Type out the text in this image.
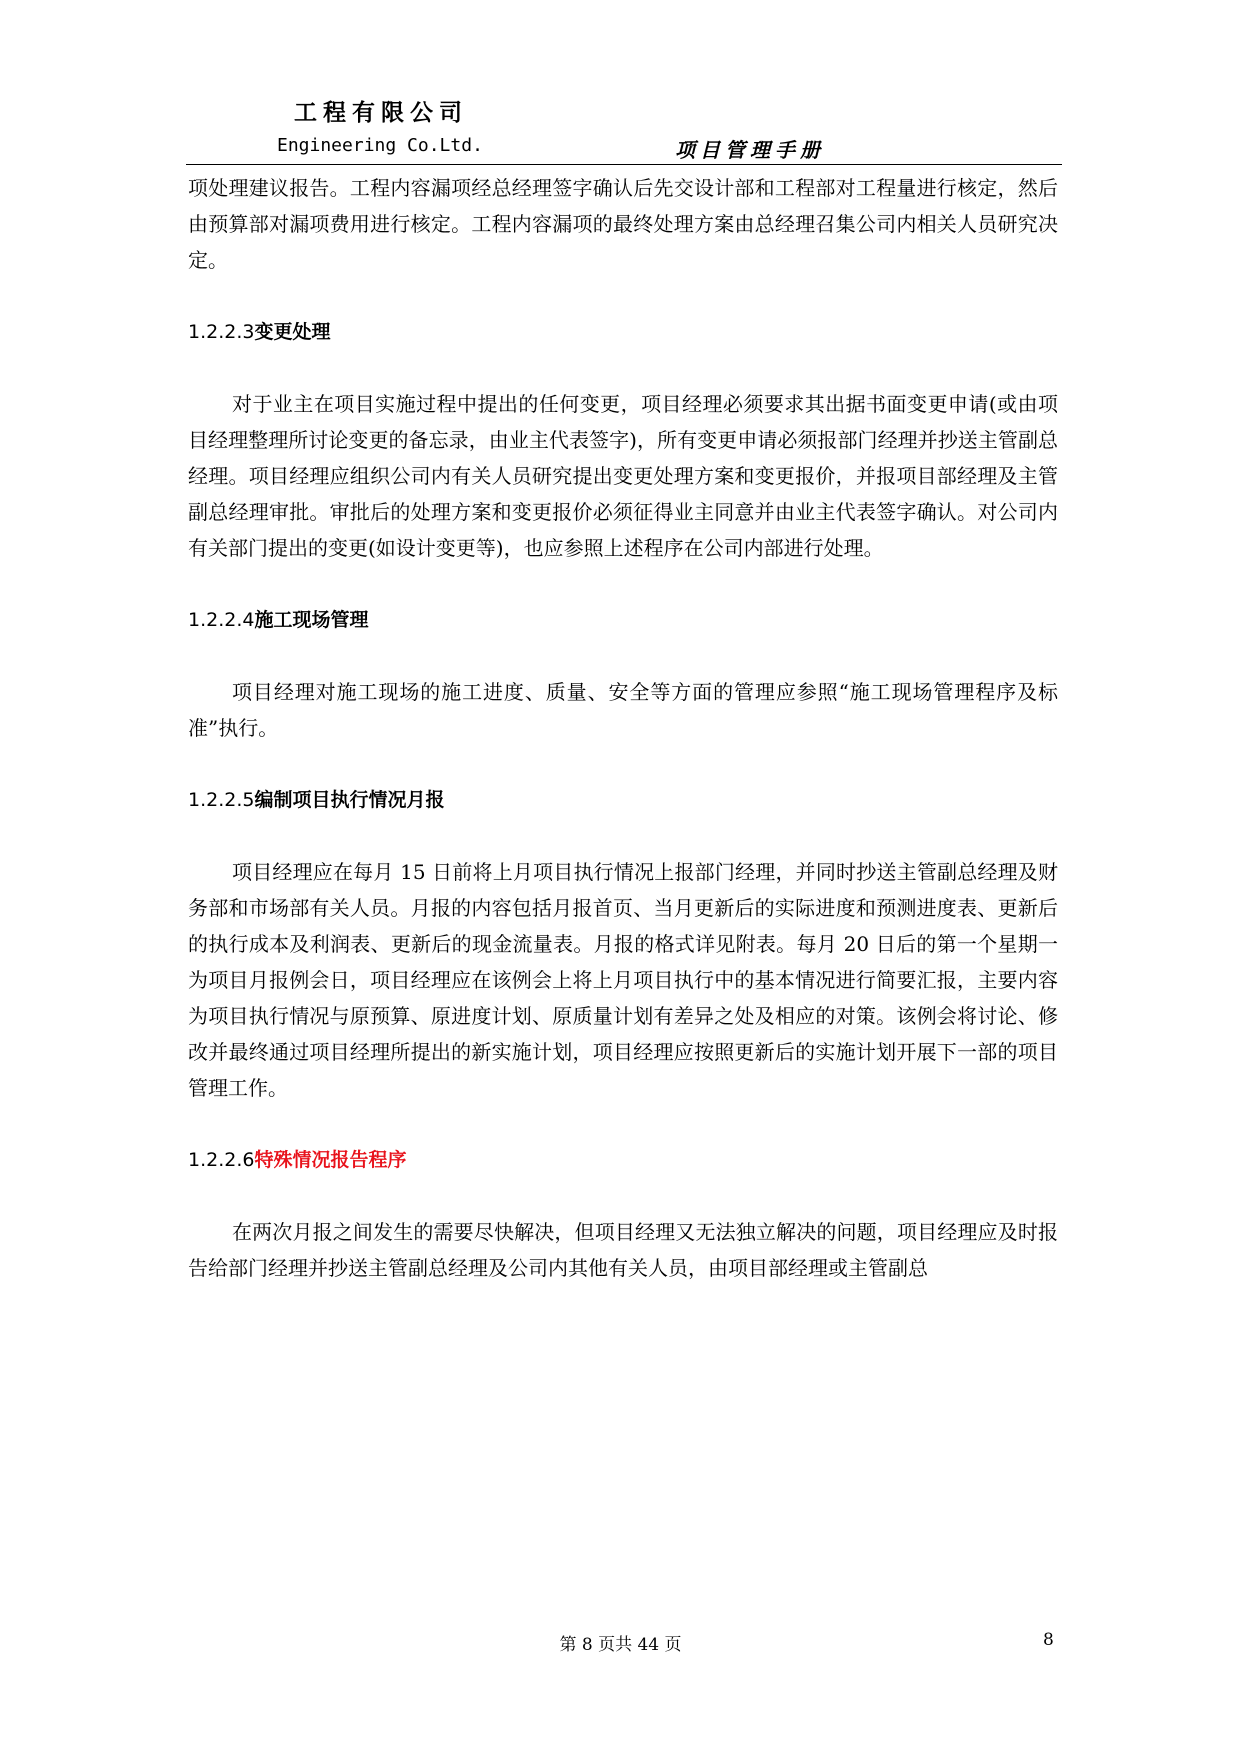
工程有限公司
Engineering Co.Ltd.	项目管理手册

项处理建议报告。工程内容漏项经总经理签字确认后先交设计部和工程部对工程量进行核定，然后由预算部对漏项费用进行核定。工程内容漏项的最终处理方案由总经理召集公司内相关人员研究决定。

1.2.2.3变更处理

对于业主在项目实施过程中提出的任何变更，项目经理必须要求其出据书面变更申请(或由项目经理整理所讨论变更的备忘录，由业主代表签字)，所有变更申请必须报部门经理并抄送主管副总经理。项目经理应组织公司内有关人员研究提出变更处理方案和变更报价，并报项目部经理及主管副总经理审批。审批后的处理方案和变更报价必须征得业主同意并由业主代表签字确认。对公司内有关部门提出的变更(如设计变更等)，也应参照上述程序在公司内部进行处理。

1.2.2.4施工现场管理

项目经理对施工现场的施工进度、质量、安全等方面的管理应参照“施工现场管理程序及标准”执行。

1.2.2.5编制项目执行情况月报

项目经理应在每月 15 日前将上月项目执行情况上报部门经理，并同时抄送主管副总经理及财务部和市场部有关人员。月报的内容包括月报首页、当月更新后的实际进度和预测进度表、更新后的执行成本及利润表、更新后的现金流量表。月报的格式详见附表。每月 20 日后的第一个星期一为项目月报例会日，项目经理应在该例会上将上月项目执行中的基本情况进行简要汇报，主要内容为项目执行情况与原预算、原进度计划、原质量计划有差异之处及相应的对策。该例会将讨论、修改并最终通过项目经理所提出的新实施计划，项目经理应按照更新后的实施计划开展下一部的项目管理工作。

1.2.2.6特殊情况报告程序

在两次月报之间发生的需要尽快解决，但项目经理又无法独立解决的问题，项目经理应及时报告给部门经理并抄送主管副总经理及公司内其他有关人员，由项目部经理或主管副总

第 8 页共 44 页	8
